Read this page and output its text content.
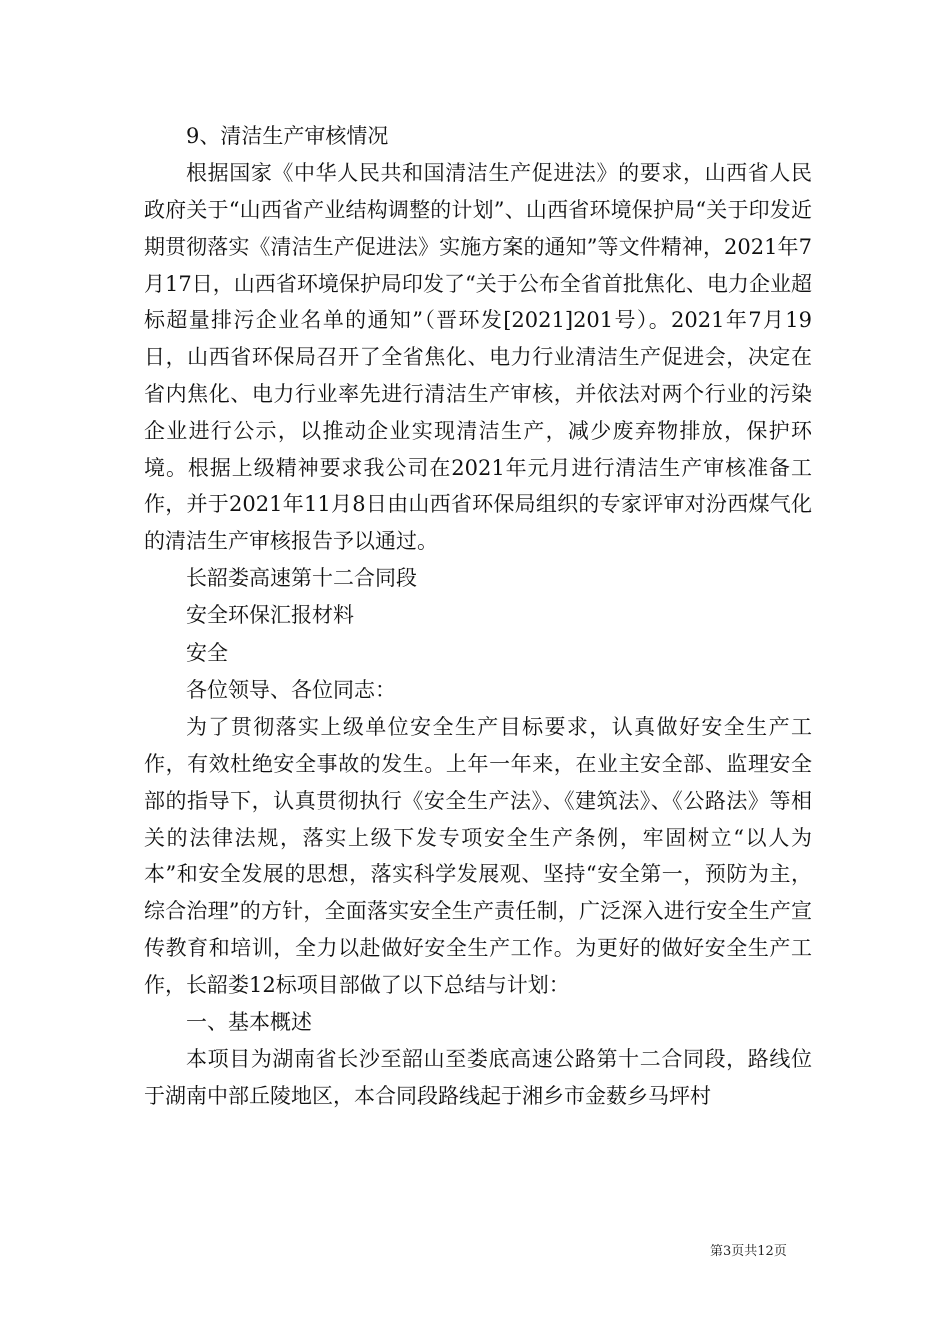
9、清洁生产审核情况

根据国家《中华人民共和国清洁生产促进法》的要求，山西省人民政府关于“山西省产业结构调整的计划”、山西省环境保护局“关于印发近期贯彻落实《清洁生产促进法》实施方案的通知”等文件精神，2021年7月17日，山西省环境保护局印发了“关于公布全省首批焦化、电力企业超标超量排污企业名单的通知”（晋环发[2021]201号）。2021年7月19日，山西省环保局召开了全省焦化、电力行业清洁生产促进会，决定在省内焦化、电力行业率先进行清洁生产审核，并依法对两个行业的污染企业进行公示，以推动企业实现清洁生产，减少废弃物排放，保护环境。根据上级精神要求我公司在2021年元月进行清洁生产审核准备工作，并于2021年11月8日由山西省环保局组织的专家评审对汾西煤气化的清洁生产审核报告予以通过。

长韶娄高速第十二合同段

安全环保汇报材料

安全

各位领导、各位同志：

为了贯彻落实上级单位安全生产目标要求，认真做好安全生产工作，有效杜绝安全事故的发生。上年一年来，在业主安全部、监理安全部的指导下，认真贯彻执行《安全生产法》、《建筑法》、《公路法》等相关的法律法规，落实上级下发专项安全生产条例，牢固树立“以人为本”和安全发展的思想，落实科学发展观、坚持“安全第一，预防为主，综合治理”的方针，全面落实安全生产责任制，广泛深入进行安全生产宣传教育和培训，全力以赴做好安全生产工作。为更好的做好安全生产工作，长韶娄12标项目部做了以下总结与计划：

一、基本概述

本项目为湖南省长沙至韶山至娄底高速公路第十二合同段，路线位于湖南中部丘陵地区，本合同段路线起于湘乡市金薮乡马坪村

第3页共12页
